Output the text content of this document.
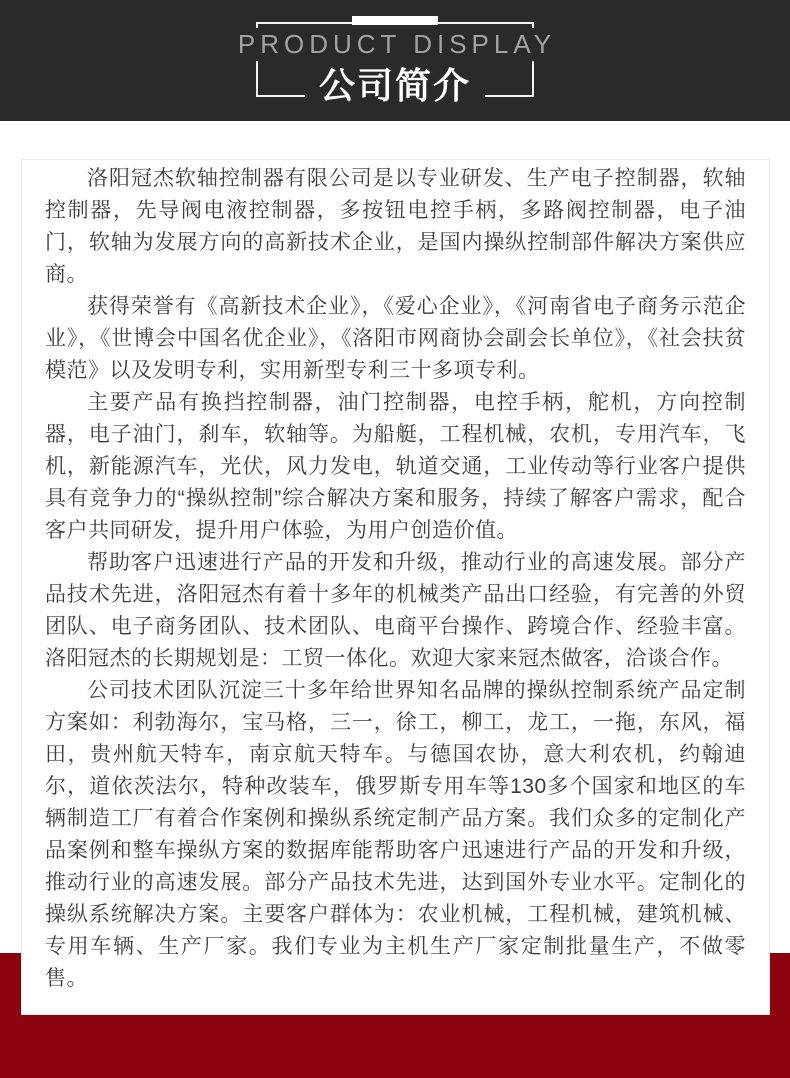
PRODUCT DISPLAY
公司简介

洛阳冠杰软轴控制器有限公司是以专业研发、生产电子控制器，软轴控制器，先导阀电液控制器，多按钮电控手柄，多路阀控制器，电子油门，软轴为发展方向的高新技术企业，是国内操纵控制部件解决方案供应商。

获得荣誉有《高新技术企业》，《爱心企业》，《河南省电子商务示范企业》，《世博会中国名优企业》，《洛阳市网商协会副会长单位》，《社会扶贫模范》以及发明专利，实用新型专利三十多项专利。

主要产品有换挡控制器，油门控制器，电控手柄，舵机，方向控制器，电子油门，刹车，软轴等。为船艇，工程机械，农机，专用汽车，飞机，新能源汽车，光伏，风力发电，轨道交通，工业传动等行业客户提供具有竞争力的“操纵控制”综合解决方案和服务，持续了解客户需求，配合客户共同研发，提升用户体验，为用户创造价值。

帮助客户迅速进行产品的开发和升级，推动行业的高速发展。部分产品技术先进，洛阳冠杰有着十多年的机械类产品出口经验，有完善的外贸团队、电子商务团队、技术团队、电商平台操作、跨境合作、经验丰富。洛阳冠杰的长期规划是：工贸一体化。欢迎大家来冠杰做客，洽谈合作。

公司技术团队沉淀三十多年给世界知名品牌的操纵控制系统产品定制方案如：利勃海尔，宝马格，三一，徐工，柳工，龙工，一拖，东风，福田，贵州航天特车，南京航天特车。与德国农协，意大利农机，约翰迪尔，道依茨法尔，特种改装车，俄罗斯专用车等130多个国家和地区的车辆制造工厂有着合作案例和操纵系统定制产品方案。我们众多的定制化产品案例和整车操纵方案的数据库能帮助客户迅速进行产品的开发和升级，推动行业的高速发展。部分产品技术先进，达到国外专业水平。定制化的操纵系统解决方案。主要客户群体为：农业机械，工程机械，建筑机械、专用车辆、生产厂家。我们专业为主机生产厂家定制批量生产，不做零售。
